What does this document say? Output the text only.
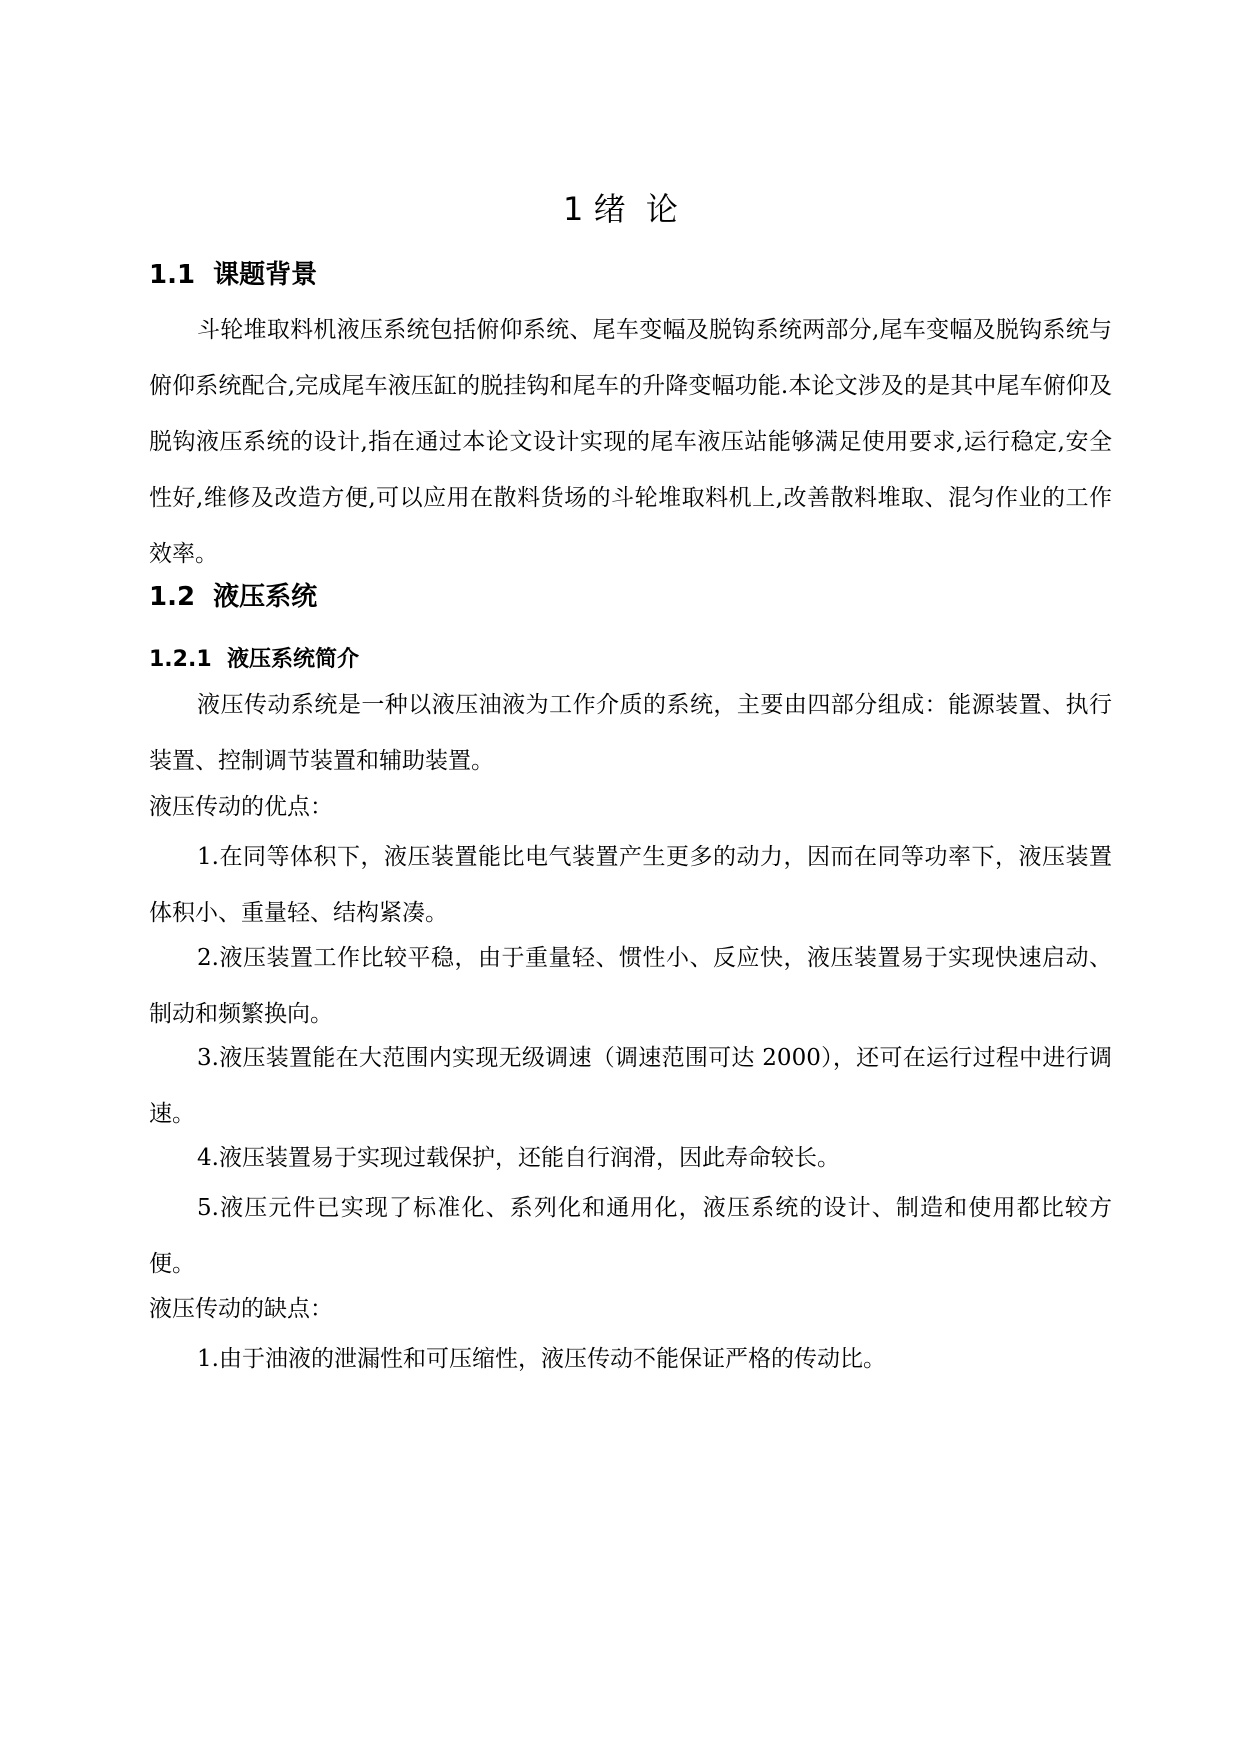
1 绪  论
1.1  课题背景
斗轮堆取料机液压系统包括俯仰系统、尾车变幅及脱钩系统两部分,尾车变幅及脱钩系统与俯仰系统配合,完成尾车液压缸的脱挂钩和尾车的升降变幅功能.本论文涉及的是其中尾车俯仰及脱钩液压系统的设计,指在通过本论文设计实现的尾车液压站能够满足使用要求,运行稳定,安全性好,维修及改造方便,可以应用在散料货场的斗轮堆取料机上,改善散料堆取、混匀作业的工作效率。
1.2  液压系统
1.2.1  液压系统简介
液压传动系统是一种以液压油液为工作介质的系统，主要由四部分组成：能源装置、执行装置、控制调节装置和辅助装置。
液压传动的优点：
1.在同等体积下，液压装置能比电气装置产生更多的动力，因而在同等功率下，液压装置体积小、重量轻、结构紧凑。
2.液压装置工作比较平稳，由于重量轻、惯性小、反应快，液压装置易于实现快速启动、制动和频繁换向。
3.液压装置能在大范围内实现无级调速（调速范围可达 2000），还可在运行过程中进行调速。
4.液压装置易于实现过载保护，还能自行润滑，因此寿命较长。
5.液压元件已实现了标准化、系列化和通用化，液压系统的设计、制造和使用都比较方便。
液压传动的缺点：
1.由于油液的泄漏性和可压缩性，液压传动不能保证严格的传动比。
